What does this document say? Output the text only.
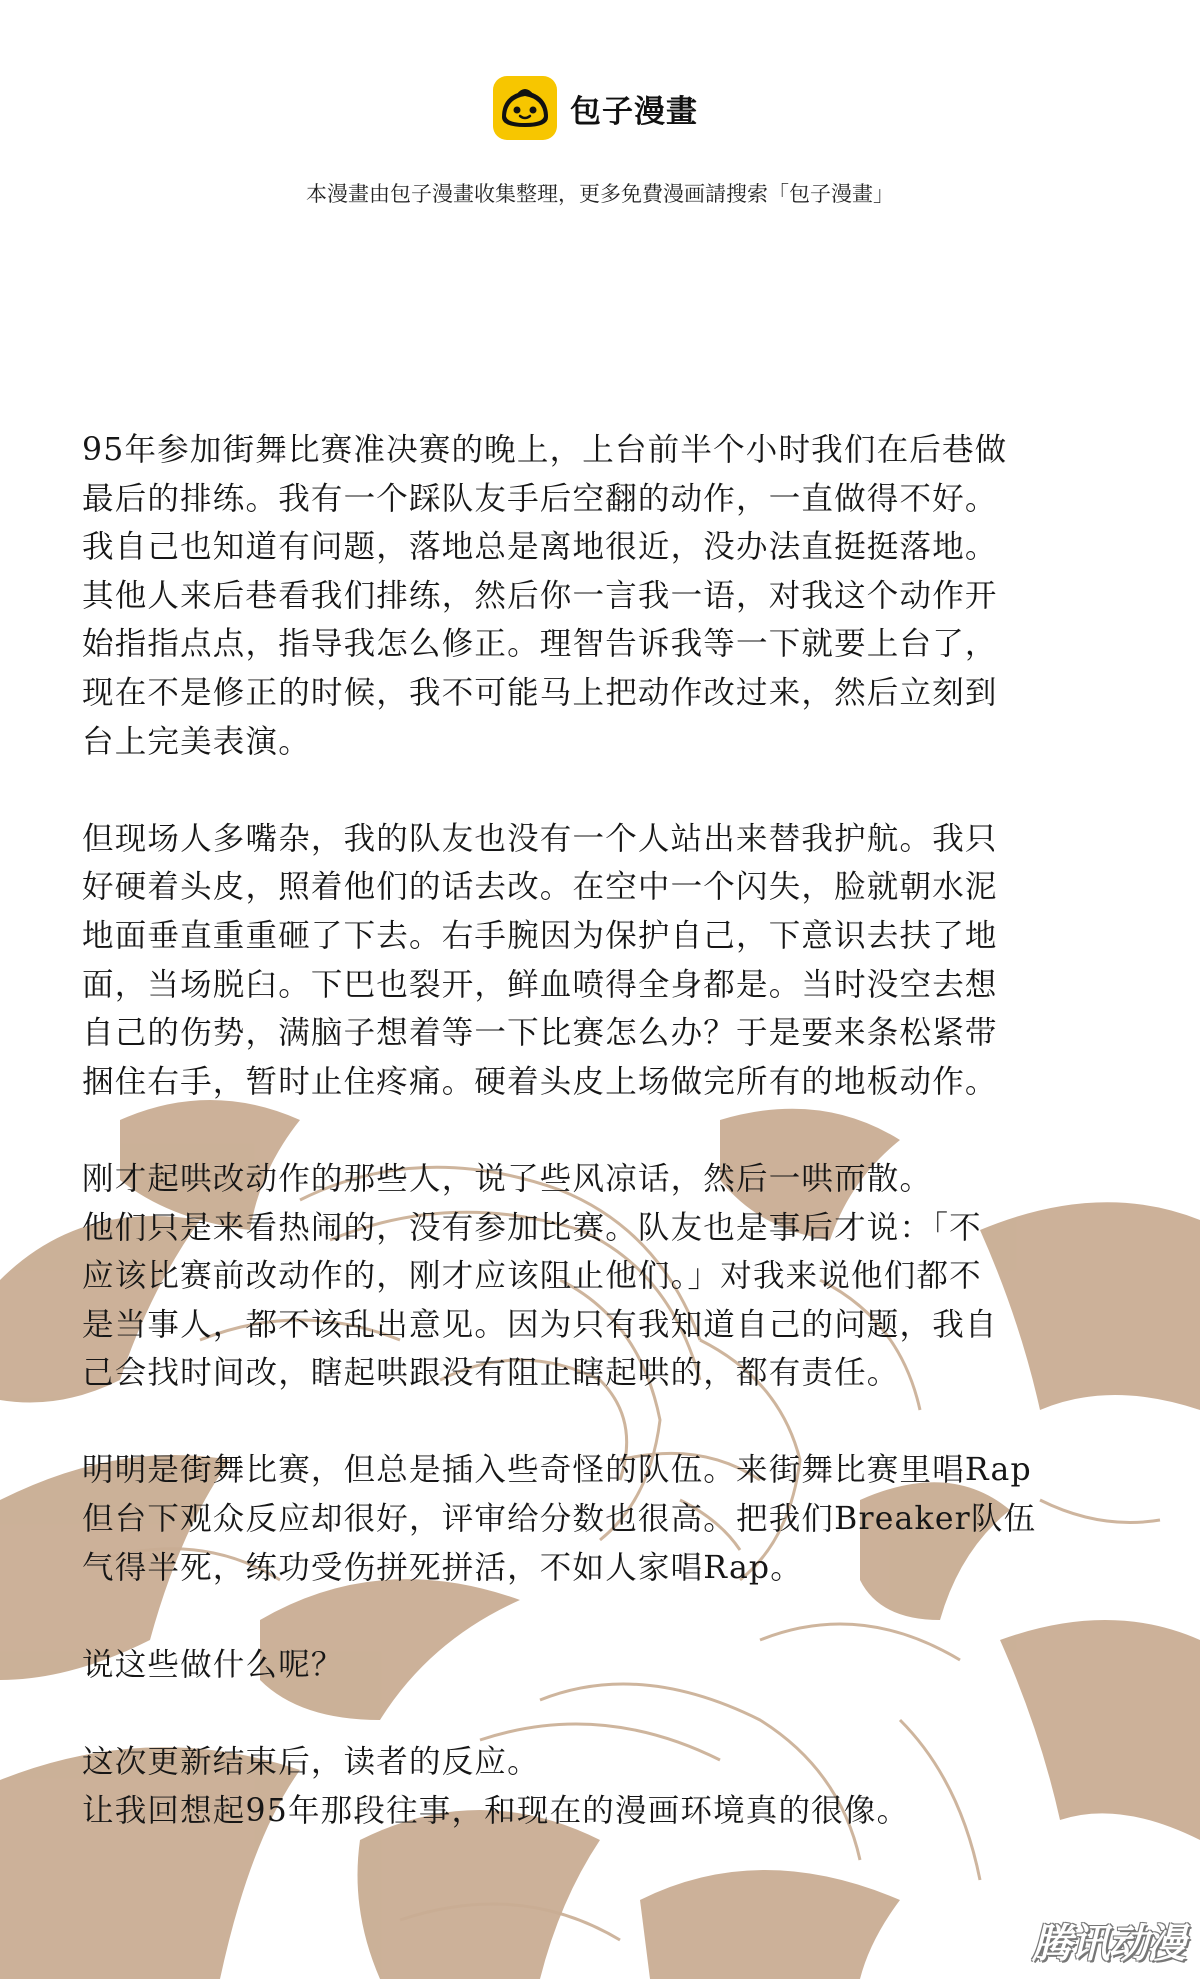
包子漫畫
本漫畫由包子漫畫收集整理，更多免費漫画請搜索「包子漫畫」

95年参加街舞比赛准决赛的晚上，上台前半个小时我们在后巷做
最后的排练。我有一个踩队友手后空翻的动作，一直做得不好。
我自己也知道有问题，落地总是离地很近，没办法直挺挺落地。
其他人来后巷看我们排练，然后你一言我一语，对我这个动作开
始指指点点，指导我怎么修正。理智告诉我等一下就要上台了，
现在不是修正的时候，我不可能马上把动作改过来，然后立刻到
台上完美表演。

但现场人多嘴杂，我的队友也没有一个人站出来替我护航。我只
好硬着头皮，照着他们的话去改。在空中一个闪失，脸就朝水泥
地面垂直重重砸了下去。右手腕因为保护自己，下意识去扶了地
面，当场脱臼。下巴也裂开，鲜血喷得全身都是。当时没空去想
自己的伤势，满脑子想着等一下比赛怎么办？于是要来条松紧带
捆住右手，暂时止住疼痛。硬着头皮上场做完所有的地板动作。

刚才起哄改动作的那些人，说了些风凉话，然后一哄而散。
他们只是来看热闹的，没有参加比赛。队友也是事后才说：「不
应该比赛前改动作的，刚才应该阻止他们。」对我来说他们都不
是当事人，都不该乱出意见。因为只有我知道自己的问题，我自
己会找时间改，瞎起哄跟没有阻止瞎起哄的，都有责任。

明明是街舞比赛，但总是插入些奇怪的队伍。来街舞比赛里唱Rap
但台下观众反应却很好，评审给分数也很高。把我们Breaker队伍
气得半死，练功受伤拼死拼活，不如人家唱Rap。

说这些做什么呢？

这次更新结束后，读者的反应。
让我回想起95年那段往事，和现在的漫画环境真的很像。

腾讯动漫
